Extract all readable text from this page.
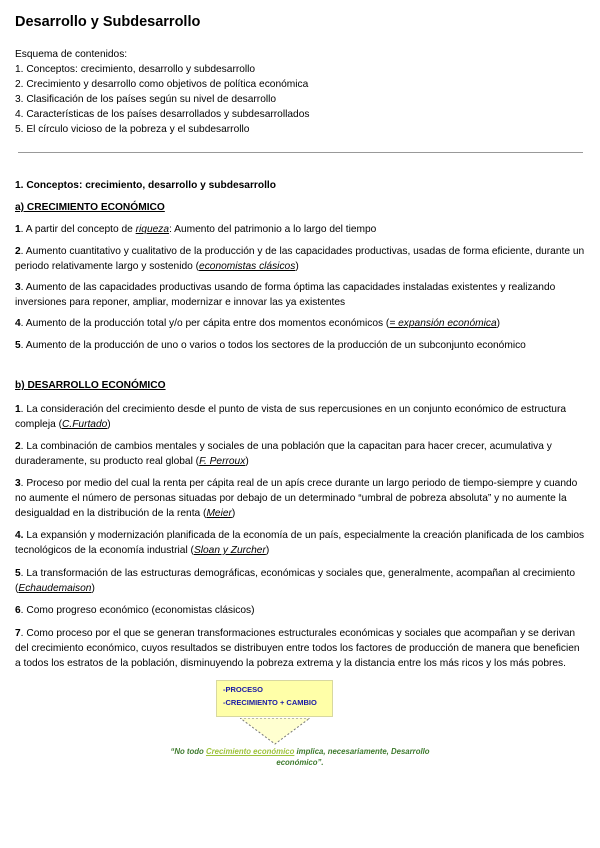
Desarrollo y Subdesarrollo
Esquema de contenidos:
1. Conceptos: crecimiento, desarrollo y subdesarrollo
2. Crecimiento y desarrollo como objetivos de política económica
3. Clasificación de los países según su nivel de desarrollo
4. Características de los países desarrollados y subdesarrollados
5. El círculo vicioso de la pobreza y el subdesarrollo
1. Conceptos: crecimiento, desarrollo y subdesarrollo
a) CRECIMIENTO ECONÓMICO
1. A partir del concepto de riqueza: Aumento del patrimonio a lo largo del tiempo
2. Aumento cuantitativo y cualitativo de la producción y de las capacidades productivas, usadas de forma eficiente, durante un periodo relativamente largo y sostenido (economistas clásicos)
3. Aumento de las capacidades productivas usando de forma óptima las capacidades instaladas existentes y realizando inversiones para reponer, ampliar, modernizar e innovar las ya existentes
4. Aumento de la producción total y/o per cápita entre dos momentos económicos (= expansión económica)
5. Aumento de la producción de uno o varios o todos los sectores de la producción de un subconjunto económico
b) DESARROLLO ECONÓMICO
1. La consideración del crecimiento desde el punto de vista de sus repercusiones en un conjunto económico de estructura compleja (C.Furtado)
2. La combinación de cambios mentales y sociales de una población que la capacitan para hacer crecer, acumulativa y duraderamente, su producto real global (F. Perroux)
3. Proceso por medio del cual la renta per cápita real de un apís crece durante un largo periodo de tiempo-siempre y cuando no aumente el número de personas situadas por debajo de un determinado “umbral de pobreza absoluta” y no aumente la desigualdad en la distribución de la renta (Meier)
4. La expansión y modernización planificada de la economía de un país, especialmente la creación planificada de los cambios tecnológicos de la economía industrial (Sloan y Zurcher)
5. La transformación de las estructuras demográficas, económicas y sociales que, generalmente, acompañan al crecimiento (Echaudemaison)
6. Como progreso económico (economistas clásicos)
7. Como proceso por el que se generan transformaciones estructurales económicas y sociales que acompañan y se derivan del crecimiento económico, cuyos resultados se distribuyen entre todos los factores de producción de manera que beneficien a todos los estratos de la población, disminuyendo la pobreza extrema y la distancia entre los más ricos y los más pobres.
-PROCESO
-CRECIMIENTO + CAMBIO
“No todo Crecimiento económico implica, necesariamente, Desarrollo económico”.
